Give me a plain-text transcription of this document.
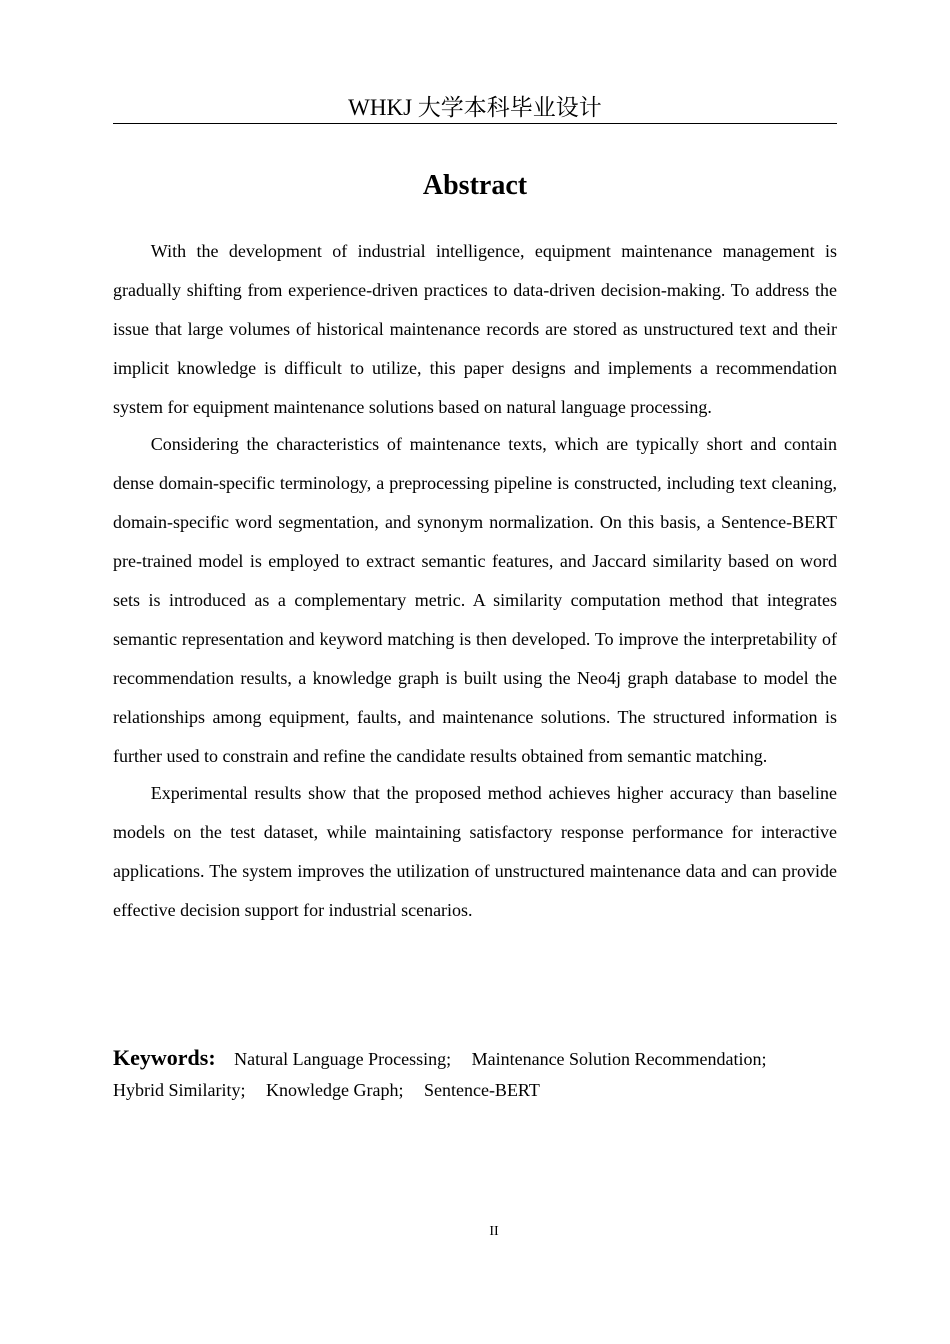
WHKJ 大学本科毕业设计
Abstract

With the development of industrial intelligence, equipment maintenance management is gradually shifting from experience-driven practices to data-driven decision-making. To address the issue that large volumes of historical maintenance records are stored as unstructured text and their implicit knowledge is difficult to utilize, this paper designs and implements a recommendation system for equipment maintenance solutions based on natural language processing.

Considering the characteristics of maintenance texts, which are typically short and contain dense domain-specific terminology, a preprocessing pipeline is constructed, including text cleaning, domain-specific word segmentation, and synonym normalization. On this basis, a Sentence-BERT pre-trained model is employed to extract semantic features, and Jaccard similarity based on word sets is introduced as a complementary metric. A similarity computation method that integrates semantic representation and keyword matching is then developed. To improve the interpretability of recommendation results, a knowledge graph is built using the Neo4j graph database to model the relationships among equipment, faults, and maintenance solutions. The structured information is further used to constrain and refine the candidate results obtained from semantic matching.

Experimental results show that the proposed method achieves higher accuracy than baseline models on the test dataset, while maintaining satisfactory response performance for interactive applications. The system improves the utilization of unstructured maintenance data and can provide effective decision support for industrial scenarios.

Keywords: Natural Language Processing; Maintenance Solution Recommendation; Hybrid Similarity; Knowledge Graph; Sentence-BERT
II
